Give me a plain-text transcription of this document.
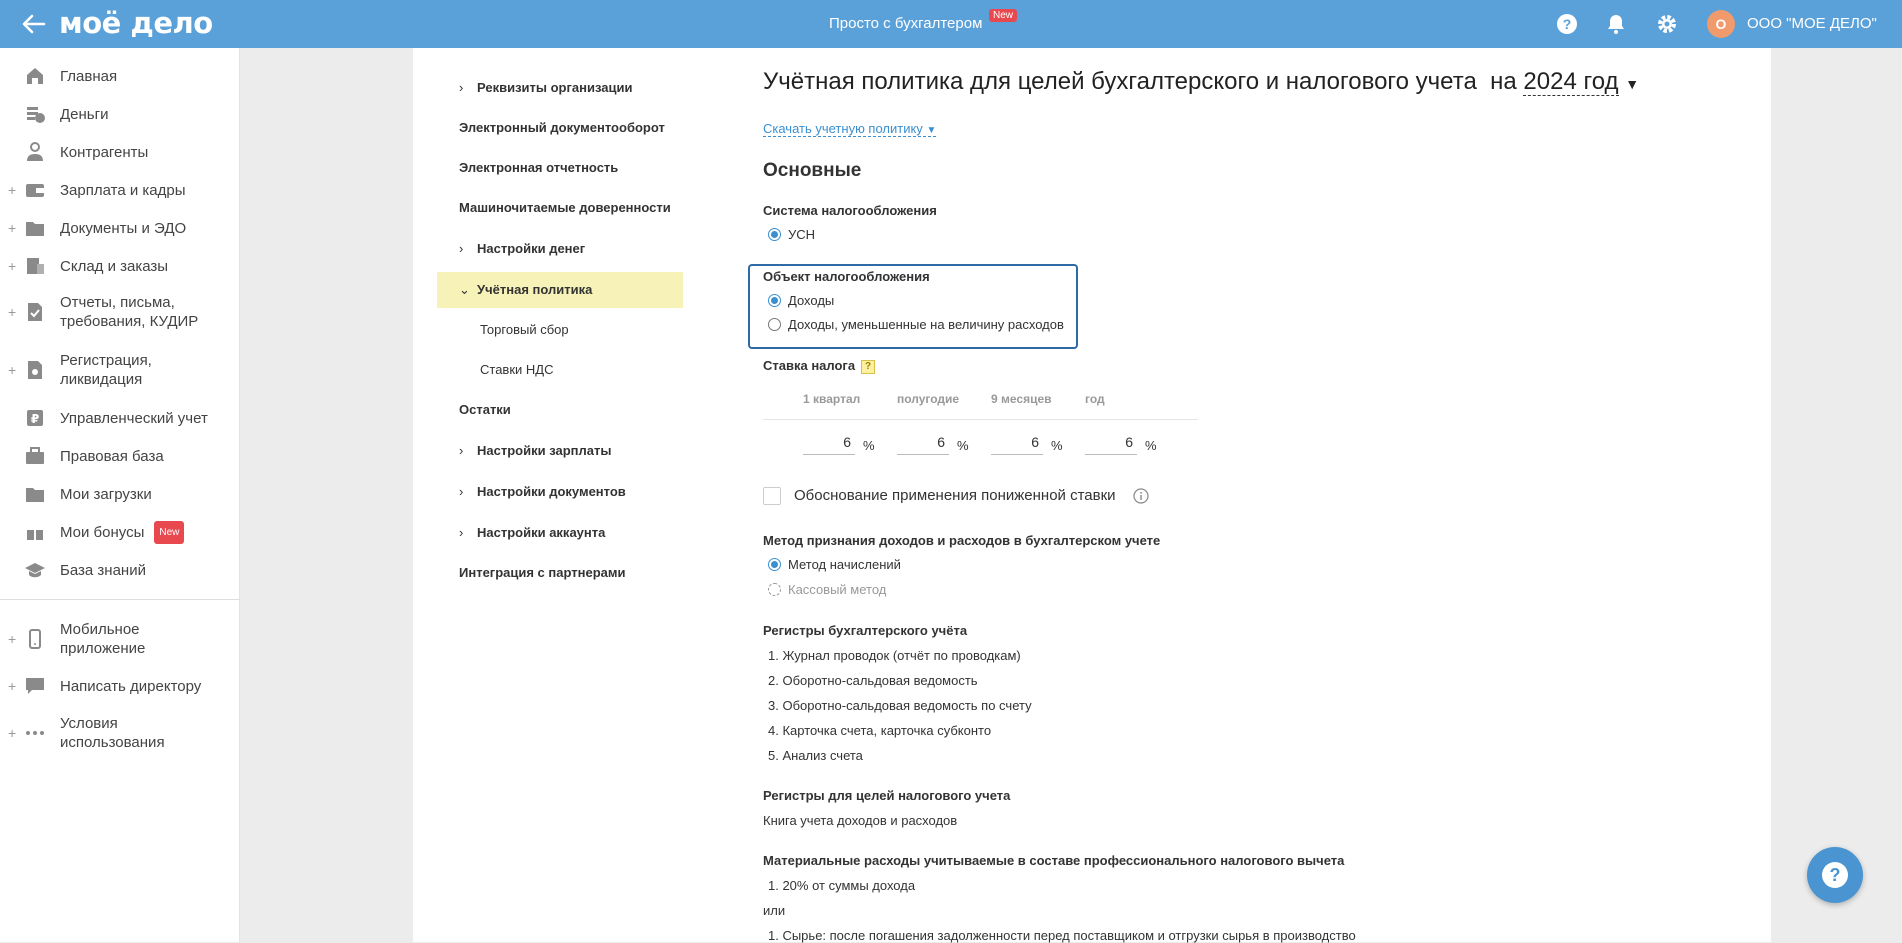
моё дело	Просто с бухгалтером	New
?	О	ООО "МОЕ ДЕЛО"
Главная
Деньги
Контрагенты
+	Зарплата и кадры
+	Документы и ЭДО
+	Склад и заказы
+
Отчеты, письма, требования, КУДИР
+
Регистрация, ликвидация
₽ Управленческий учет
Правовая база
Мои загрузки
Мои бонусы New
База знаний
+
Мобильное приложение
+	Написать директору
+
Условия использования
› Реквизиты организации
Электронный документооборот
Электронная отчетность
Машиночитаемые доверенности
› Настройки денег
⌄ Учётная политика
Торговый сбор
Ставки НДС
Остатки
› Настройки зарплаты
› Настройки документов
› Настройки аккаунта
Интеграция с партнерами
Учётная политика для целей бухгалтерского и налогового учета на 2024 год ▼
Скачать учетную политику ▼
Основные
Система налогообложения
УСН
Объект налогообложения
Доходы
Доходы, уменьшенные на величину расходов
Ставка налога ?
1 квартал	полугодие	9 месяцев	год
6 %	6 %	6 %	6 %
Обоснование применения пониженной ставки
Метод признания доходов и расходов в бухгалтерском учете
Метод начислений
Кассовый метод
Регистры бухгалтерского учёта
1. Журнал проводок (отчёт по проводкам)
2. Оборотно-сальдовая ведомость
3. Оборотно-сальдовая ведомость по счету
4. Карточка счета, карточка субконто
5. Анализ счета
Регистры для целей налогового учета
Книга учета доходов и расходов
Материальные расходы учитываемые в составе профессионального налогового вычета
1. 20% от суммы дохода
или
1. Сырье: после погашения задолженности перед поставщиком и отгрузки сырья в производство
?
